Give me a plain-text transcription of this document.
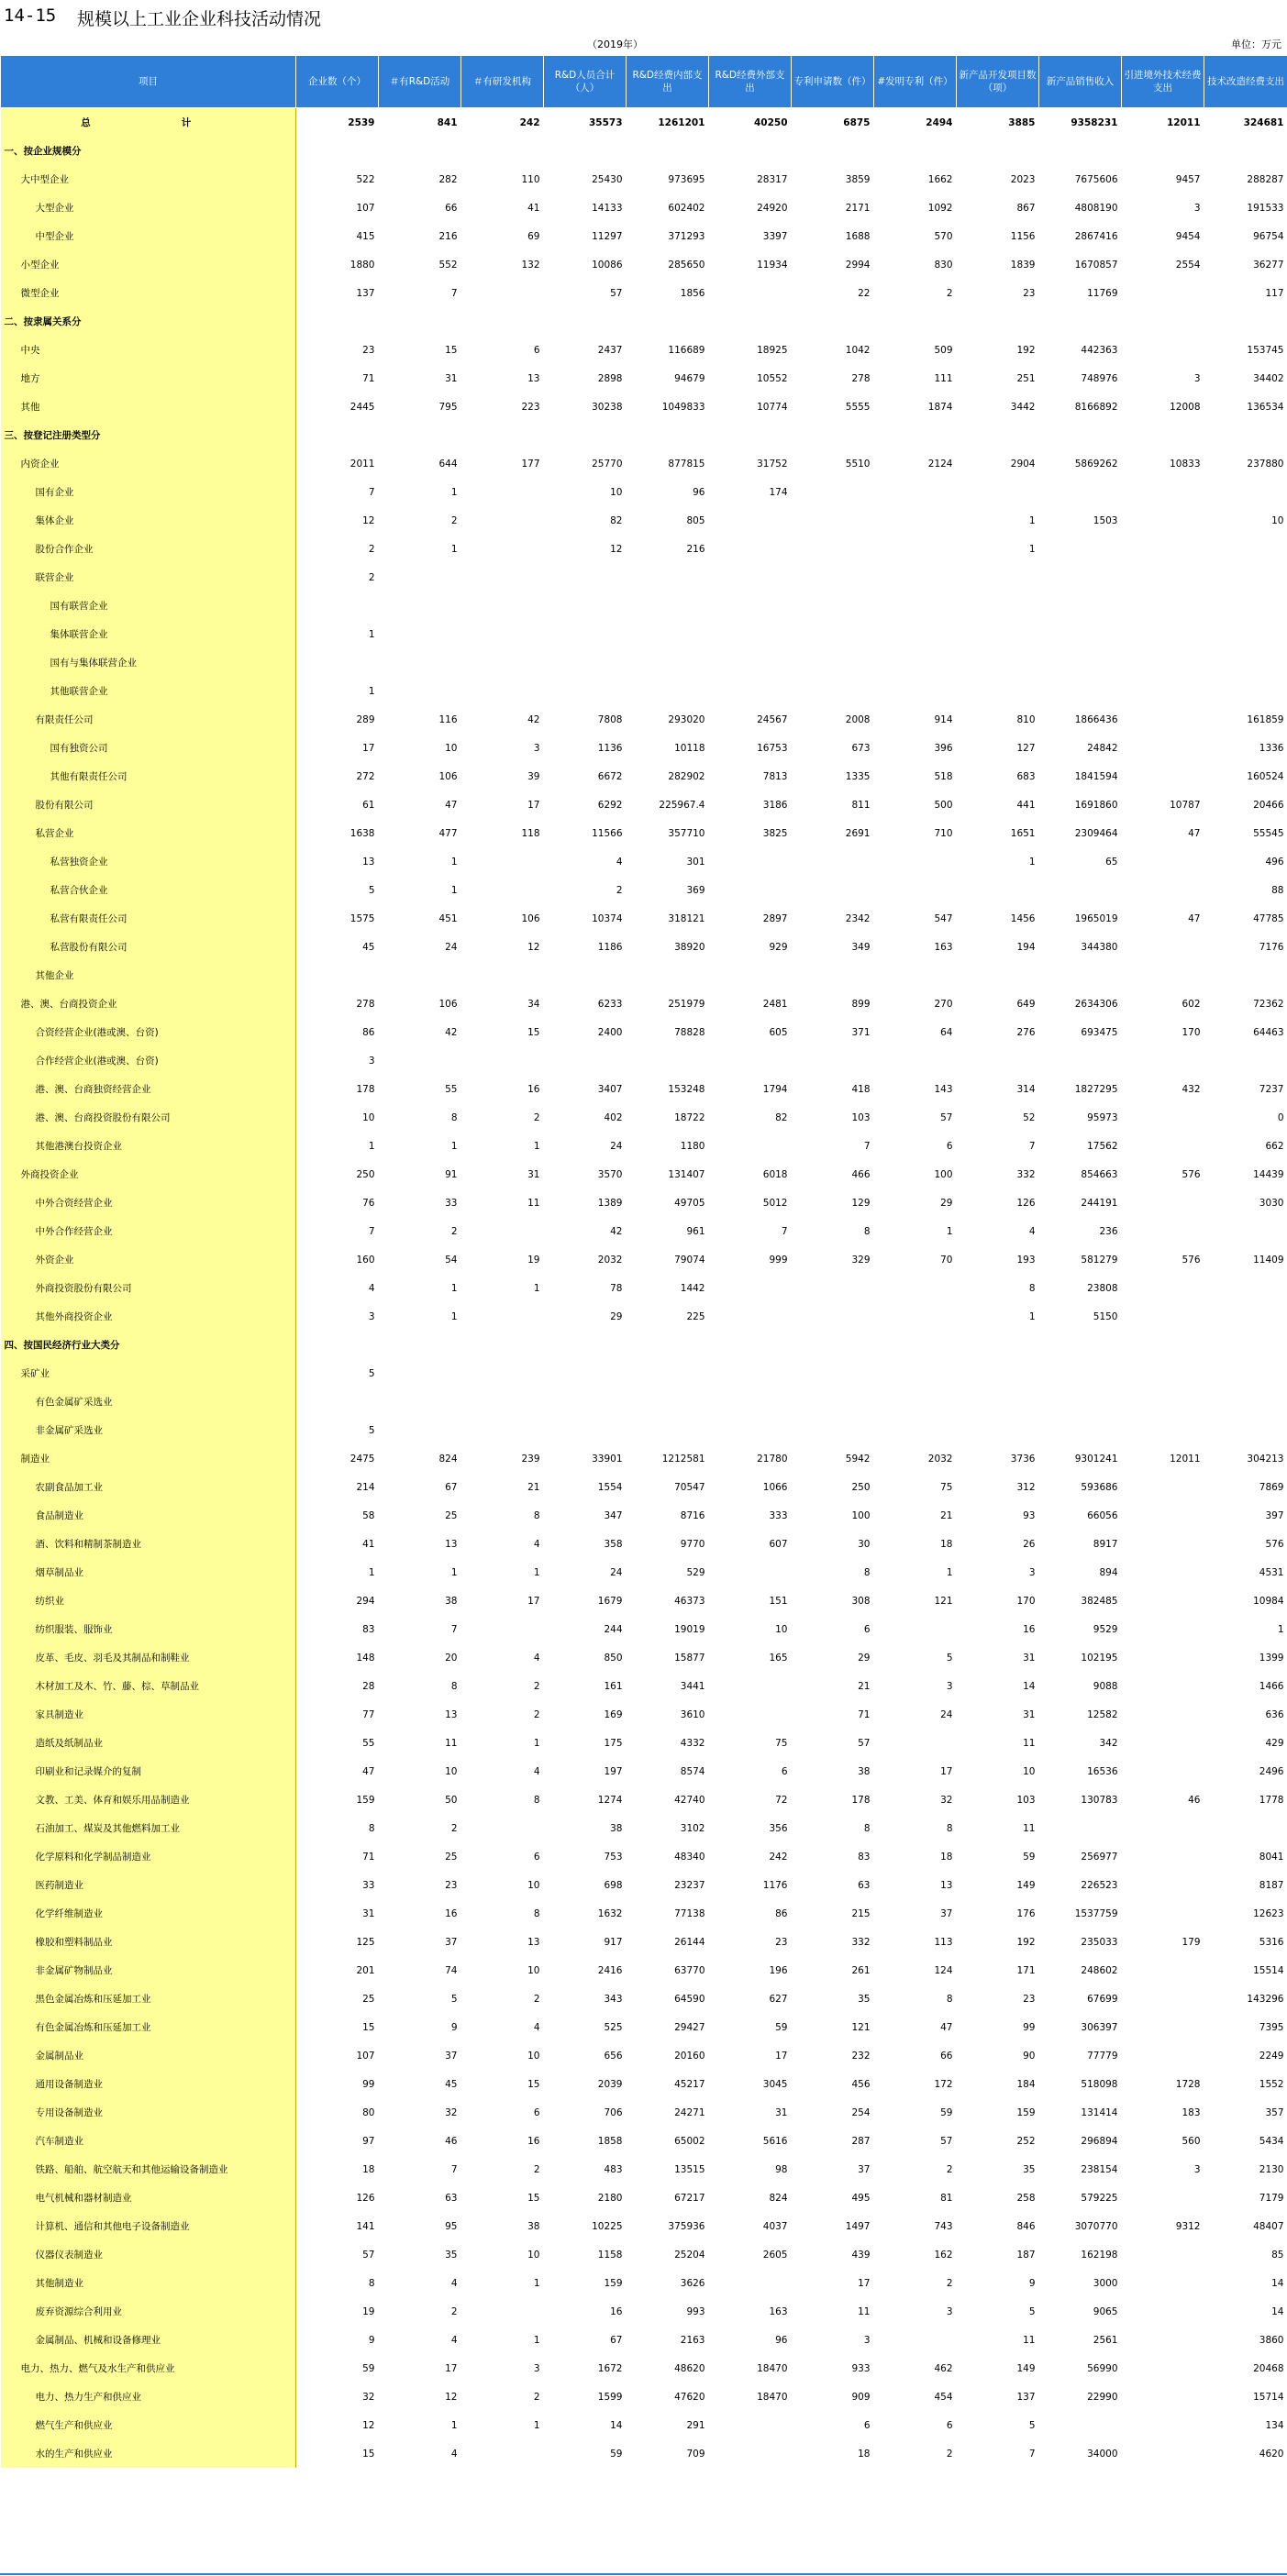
14-15 规模以上工业企业科技活动情况
（2019年）	单位：万元
项目	企业数（个）	＃有R&D活动	＃有研发机构	R&D人员合计（人）	R&D经费内部支出	R&D经费外部支出	专利申请数（件）	#发明专利（件）	新产品开发项目数（项）	新产品销售收入	引进境外技术经费支出	技术改造经费支出
总　　计	2539	841	242	35573	1261201	40250	6875	2494	3885	9358231	12011	324681
一、按企业规模分												
大中型企业	522	282	110	25430	973695	28317	3859	1662	2023	7675606	9457	288287
大型企业	107	66	41	14133	602402	24920	2171	1092	867	4808190	3	191533
中型企业	415	216	69	11297	371293	3397	1688	570	1156	2867416	9454	96754
小型企业	1880	552	132	10086	285650	11934	2994	830	1839	1670857	2554	36277
微型企业	137	7		57	1856		22	2	23	11769		117
二、按隶属关系分												
中央	23	15	6	2437	116689	18925	1042	509	192	442363		153745
地方	71	31	13	2898	94679	10552	278	111	251	748976	3	34402
其他	2445	795	223	30238	1049833	10774	5555	1874	3442	8166892	12008	136534
三、按登记注册类型分												
内资企业	2011	644	177	25770	877815	31752	5510	2124	2904	5869262	10833	237880
国有企业	7	1		10	96	174						
集体企业	12	2		82	805				1	1503		10
股份合作企业	2	1		12	216				1			
联营企业	2											
国有联营企业												
集体联营企业	1											
国有与集体联营企业												
其他联营企业	1											
有限责任公司	289	116	42	7808	293020	24567	2008	914	810	1866436		161859
国有独资公司	17	10	3	1136	10118	16753	673	396	127	24842		1336
其他有限责任公司	272	106	39	6672	282902	7813	1335	518	683	1841594		160524
股份有限公司	61	47	17	6292	225967.4	3186	811	500	441	1691860	10787	20466
私营企业	1638	477	118	11566	357710	3825	2691	710	1651	2309464	47	55545
私营独资企业	13	1		4	301				1	65		496
私营合伙企业	5	1		2	369							88
私营有限责任公司	1575	451	106	10374	318121	2897	2342	547	1456	1965019	47	47785
私营股份有限公司	45	24	12	1186	38920	929	349	163	194	344380		7176
其他企业												
港、澳、台商投资企业	278	106	34	6233	251979	2481	899	270	649	2634306	602	72362
合资经营企业(港或澳、台资)	86	42	15	2400	78828	605	371	64	276	693475	170	64463
合作经营企业(港或澳、台资)	3											
港、澳、台商独资经营企业	178	55	16	3407	153248	1794	418	143	314	1827295	432	7237
港、澳、台商投资股份有限公司	10	8	2	402	18722	82	103	57	52	95973		0
其他港澳台投资企业	1	1	1	24	1180		7	6	7	17562		662
外商投资企业	250	91	31	3570	131407	6018	466	100	332	854663	576	14439
中外合资经营企业	76	33	11	1389	49705	5012	129	29	126	244191		3030
中外合作经营企业	7	2		42	961	7	8	1	4	236		
外资企业	160	54	19	2032	79074	999	329	70	193	581279	576	11409
外商投资股份有限公司	4	1	1	78	1442				8	23808		
其他外商投资企业	3	1		29	225				1	5150		
四、按国民经济行业大类分												
采矿业	5											
有色金属矿采选业												
非金属矿采选业	5											
制造业	2475	824	239	33901	1212581	21780	5942	2032	3736	9301241	12011	304213
农副食品加工业	214	67	21	1554	70547	1066	250	75	312	593686		7869
食品制造业	58	25	8	347	8716	333	100	21	93	66056		397
酒、饮料和精制茶制造业	41	13	4	358	9770	607	30	18	26	8917		576
烟草制品业	1	1	1	24	529		8	1	3	894		4531
纺织业	294	38	17	1679	46373	151	308	121	170	382485		10984
纺织服装、服饰业	83	7		244	19019	10	6		16	9529		1
皮革、毛皮、羽毛及其制品和制鞋业	148	20	4	850	15877	165	29	5	31	102195		1399
木材加工及木、竹、藤、棕、草制品业	28	8	2	161	3441		21	3	14	9088		1466
家具制造业	77	13	2	169	3610		71	24	31	12582		636
造纸及纸制品业	55	11	1	175	4332	75	57		11	342		429
印刷业和记录媒介的复制	47	10	4	197	8574	6	38	17	10	16536		2496
文教、工美、体育和娱乐用品制造业	159	50	8	1274	42740	72	178	32	103	130783	46	1778
石油加工、煤炭及其他燃料加工业	8	2		38	3102	356	8	8	11			
化学原料和化学制品制造业	71	25	6	753	48340	242	83	18	59	256977		8041
医药制造业	33	23	10	698	23237	1176	63	13	149	226523		8187
化学纤维制造业	31	16	8	1632	77138	86	215	37	176	1537759		12623
橡胶和塑料制品业	125	37	13	917	26144	23	332	113	192	235033	179	5316
非金属矿物制品业	201	74	10	2416	63770	196	261	124	171	248602		15514
黑色金属冶炼和压延加工业	25	5	2	343	64590	627	35	8	23	67699		143296
有色金属冶炼和压延加工业	15	9	4	525	29427	59	121	47	99	306397		7395
金属制品业	107	37	10	656	20160	17	232	66	90	77779		2249
通用设备制造业	99	45	15	2039	45217	3045	456	172	184	518098	1728	1552
专用设备制造业	80	32	6	706	24271	31	254	59	159	131414	183	357
汽车制造业	97	46	16	1858	65002	5616	287	57	252	296894	560	5434
铁路、船舶、航空航天和其他运输设备制造业	18	7	2	483	13515	98	37	2	35	238154	3	2130
电气机械和器材制造业	126	63	15	2180	67217	824	495	81	258	579225		7179
计算机、通信和其他电子设备制造业	141	95	38	10225	375936	4037	1497	743	846	3070770	9312	48407
仪器仪表制造业	57	35	10	1158	25204	2605	439	162	187	162198		85
其他制造业	8	4	1	159	3626		17	2	9	3000		14
废弃资源综合利用业	19	2		16	993	163	11	3	5	9065		14
金属制品、机械和设备修理业	9	4	1	67	2163	96	3		11	2561		3860
电力、热力、燃气及水生产和供应业	59	17	3	1672	48620	18470	933	462	149	56990		20468
电力、热力生产和供应业	32	12	2	1599	47620	18470	909	454	137	22990		15714
燃气生产和供应业	12	1	1	14	291		6	6	5			134
水的生产和供应业	15	4		59	709		18	2	7	34000		4620
